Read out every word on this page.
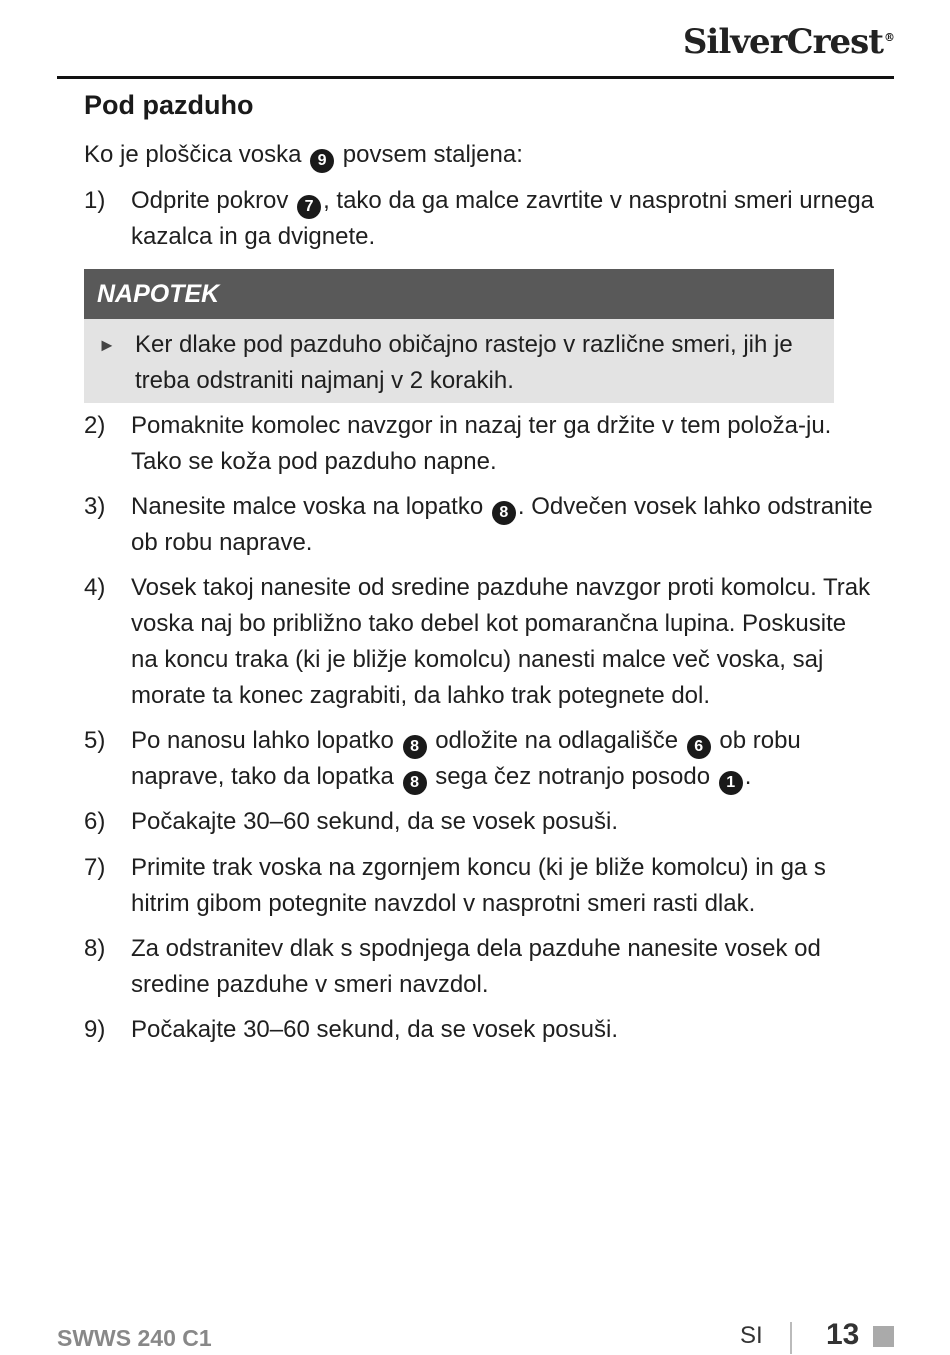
SilverCrest®
Pod pazduho
Ko je ploščica voska 9 povsem staljena:
1) Odprite pokrov 7 , tako da ga malce zavrtite v nasprotni smeri urnega kazalca in ga dvignete.
NAPOTEK
► Ker dlake pod pazduho običajno rastejo v različne smeri, jih je treba odstraniti najmanj v 2 korakih.
2) Pomaknite komolec navzgor in nazaj ter ga držite v tem položa-ju. Tako se koža pod pazduho napne.
3) Nanesite malce voska na lopatko 8 . Odvečen vosek lahko odstranite ob robu naprave.
4) Vosek takoj nanesite od sredine pazduhe navzgor proti komolcu. Trak voska naj bo približno tako debel kot pomarančna lupina. Poskusite na koncu traka (ki je bližje komolcu) nanesti malce več voska, saj morate ta konec zagrabiti, da lahko trak potegnete dol.
5) Po nanosu lahko lopatko 8 odložite na odlagališče 6 ob robu naprave, tako da lopatka 8 sega čez notranjo posodo 1 .
6) Počakajte 30–60 sekund, da se vosek posuši.
7) Primite trak voska na zgornjem koncu (ki je bliže komolcu) in ga s hitrim gibom potegnite navzdol v nasprotni smeri rasti dlak.
8) Za odstranitev dlak s spodnjega dela pazduhe nanesite vosek od sredine pazduhe v smeri navzdol.
9) Počakajte 30–60 sekund, da se vosek posuši.
SWWS 240 C1	SI 13
